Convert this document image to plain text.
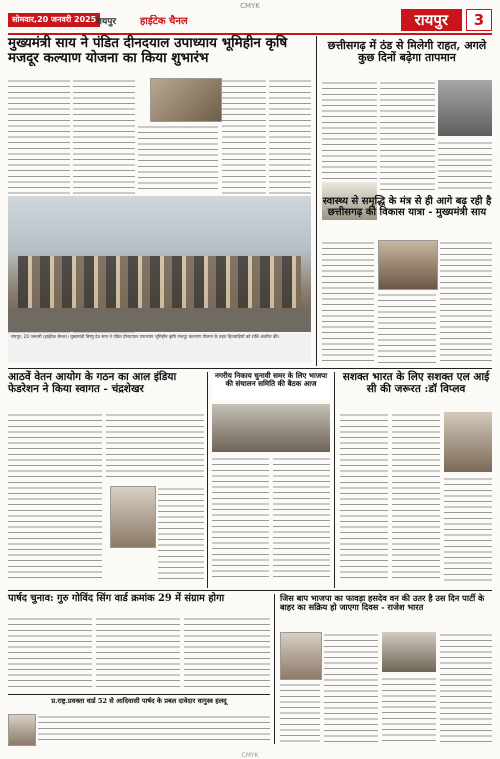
CMYK
सोमवार,20 जनवरी 2025 रायपुर हाईटेक चैनल	रायपुर	3
मुख्यमंत्री साय ने पंडित दीनदयाल उपाध्याय भूमिहीन कृषि मजदूर कल्याण योजना का किया शुभारंभ
रायपुर, 20 जनवरी (हाईटेक चैनल)। मुख्यमंत्री विष्णु देव साय ने पंडित दीनदयाल उपाध्याय भूमिहीन कृषि मजदूर कल्याण योजना के तहत हितग्राहियों को राशि अंतरित की।
छत्तीसगढ़ में ठंड से मिलेगी राहत, अगले कुछ दिनों बढ़ेगा तापमान
स्वास्थ्य से समृद्धि के मंत्र से ही आगे बढ़ रही है छत्तीसगढ़ की विकास यात्रा - मुख्यमंत्री साय
आठवें वेतन आयोग के गठन का आल इंडिया फेडरेशन ने किया स्वागत - चंद्रशेखर
नगरीय निकाय चुनावी समर के लिए भाजपा की संचालन समिति की बैठक आज
सशक्त भारत के लिए सशक्त एल आई सी की जरूरत :डॉ विप्लव
पार्षद चुनाव: गुरु गोविंद सिंग वार्ड क्रमांक 29 में संग्राम होगा	जिस बाप भाजपा का फावड़ा हसदेव वन की उतर है उस दिन पार्टी के बाहर का सक्रिय हो जाएगा दिवस - राजेश भारत
प्र.राष्ट्र.प्रवक्ता वार्ड 52 से आदिवासी पार्षद के प्रबल दावेदार वागुस्त्र हलदू
CMYK
